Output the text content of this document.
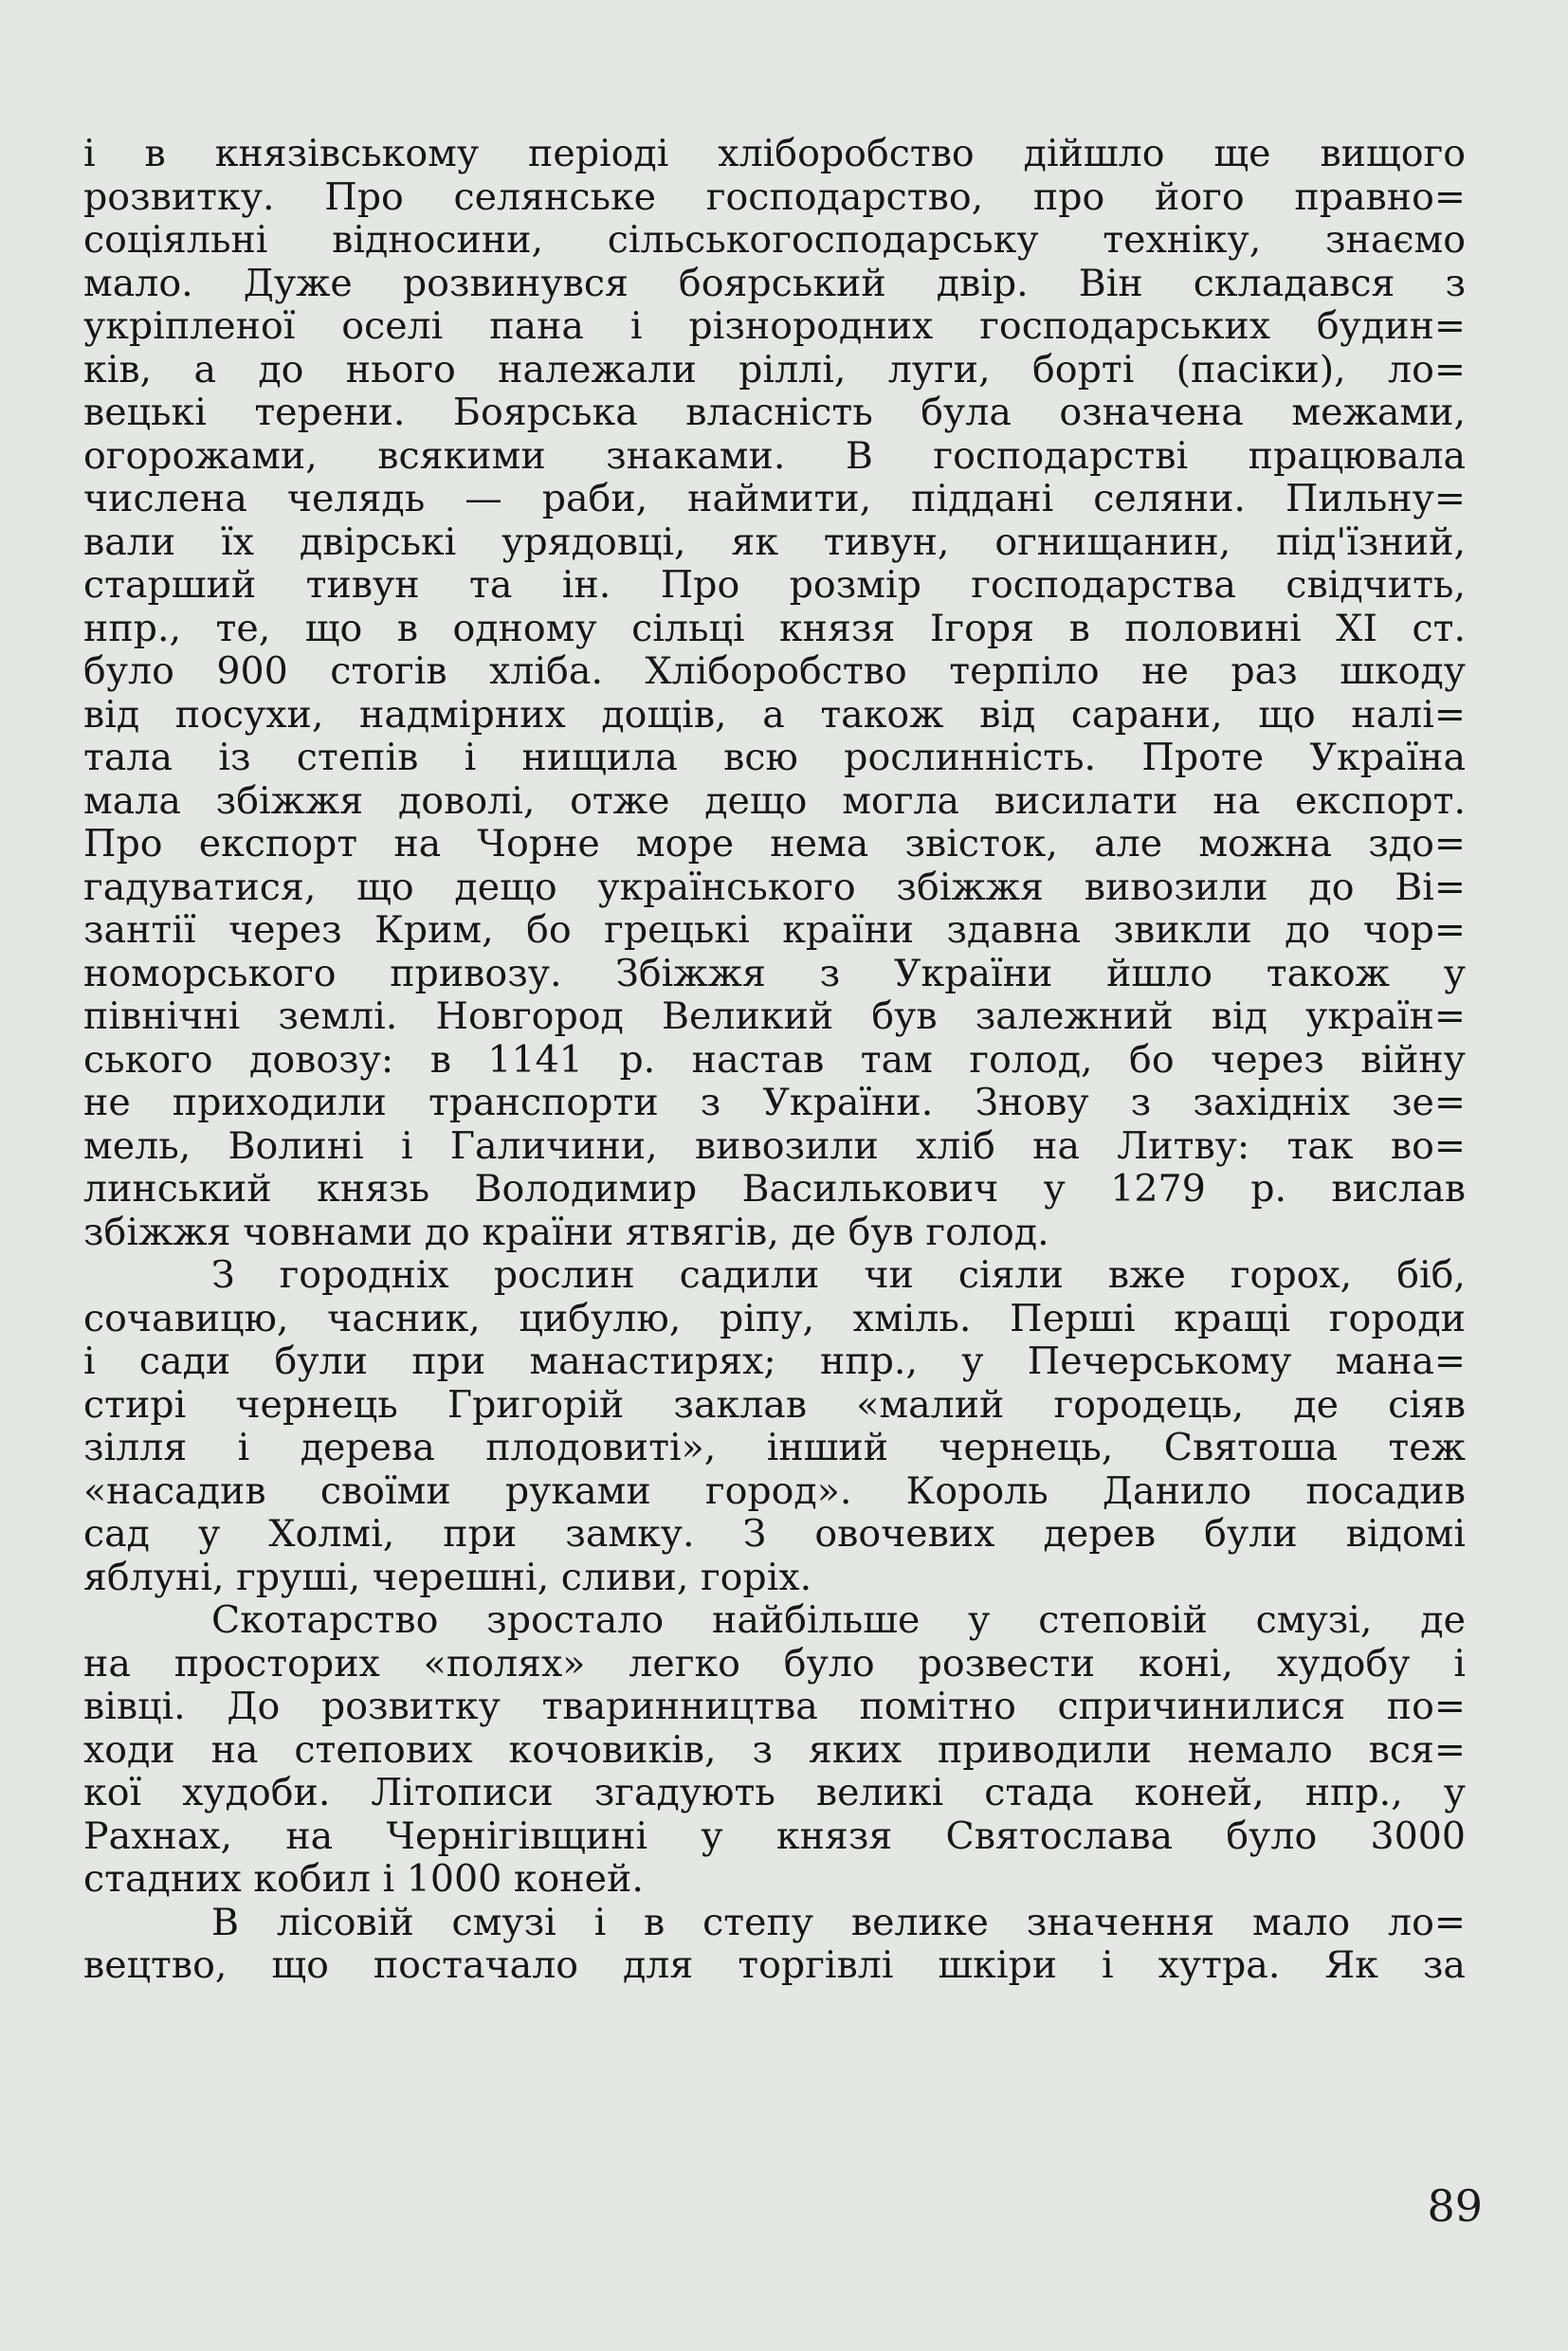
і в князівському періоді хліборобство дійшло ще вищого
розвитку. Про селянське господарство, про його правно=
соціяльні відносини, сільськогосподарську техніку, знаємо
мало. Дуже розвинувся боярський двір. Він складався з
укріпленої оселі пана і різнородних господарських будин=
ків, а до нього належали ріллі, луги, борті (пасіки), ло=
вецькі терени. Боярська власність була означена межами,
огорожами, всякими знаками. В господарстві працювала
числена челядь — раби, наймити, піддані селяни. Пильну=
вали їх двірські урядовці, як тивун, огнищанин, під'їзний,
старший тивун та ін. Про розмір господарства свідчить,
нпр., те, що в одному сільці князя Ігоря в половині XI ст.
було 900 стогів хліба. Хліборобство терпіло не раз шкоду
від посухи, надмірних дощів, а також від сарани, що налі=
тала із степів і нищила всю рослинність. Проте Україна
мала збіжжя доволі, отже дещо могла висилати на експорт.
Про експорт на Чорне море нема звісток, але можна здо=
гадуватися, що дещо українського збіжжя вивозили до Ві=
зантії через Крим, бо грецькі країни здавна звикли до чор=
номорського привозу. Збіжжя з України йшло також у
північні землі. Новгород Великий був залежний від україн=
ського довозу: в 1141 р. настав там голод, бо через війну
не приходили транспорти з України. Знову з західніх зе=
мель, Волині і Галичини, вивозили хліб на Литву: так во=
линський князь Володимир Василькович у 1279 р. вислав
збіжжя човнами до країни ятвягів, де був голод.
З городніх рослин садили чи сіяли вже горох, біб,
сочавицю, часник, цибулю, ріпу, хміль. Перші кращі городи
і сади були при манастирях; нпр., у Печерському мана=
стирі чернець Григорій заклав «малий городець, де сіяв
зілля і дерева плодовиті», інший чернець, Святоша теж
«насадив своїми руками город». Король Данило посадив
сад у Холмі, при замку. З овочевих дерев були відомі
яблуні, груші, черешні, сливи, горіх.
Скотарство зростало найбільше у степовій смузі, де
на просторих «полях» легко було розвести коні, худобу і
вівці. До розвитку тваринництва помітно спричинилися по=
ходи на степових кочовиків, з яких приводили немало вся=
кої худоби. Літописи згадують великі стада коней, нпр., у
Рахнах, на Чернігівщині у князя Святослава було 3000
стадних кобил і 1000 коней.
В лісовій смузі і в степу велике значення мало ло=
вецтво, що постачало для торгівлі шкіри і хутра. Як за
89
